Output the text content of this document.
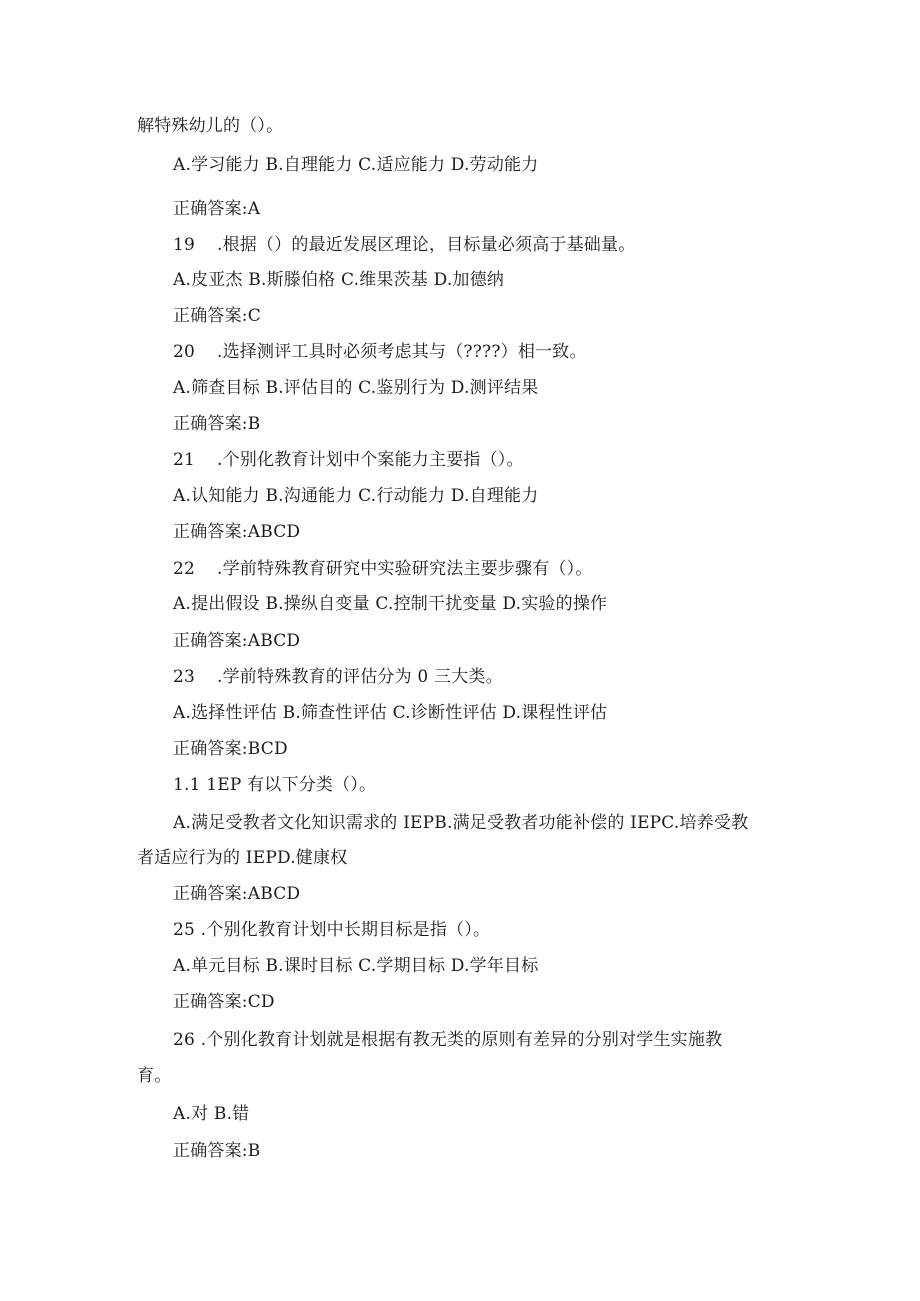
解特殊幼儿的（）。
A.学习能力 B.自理能力 C.适应能力 D.劳动能力
正确答案:A
19 .根据（）的最近发展区理论，目标量必须高于基础量。
A.皮亚杰 B.斯滕伯格 C.维果茨基 D.加德纳
正确答案:C
20 .选择测评工具时必须考虑其与（????）相一致。
A.筛查目标 B.评估目的 C.鉴别行为 D.测评结果
正确答案:B
21 .个别化教育计划中个案能力主要指（）。
A.认知能力 B.沟通能力 C.行动能力 D.自理能力
正确答案:ABCD
22 .学前特殊教育研究中实验研究法主要步骤有（）。
A.提出假设 B.操纵自变量 C.控制干扰变量 D.实验的操作
正确答案:ABCD
23 .学前特殊教育的评估分为 0 三大类。
A.选择性评估 B.筛查性评估 C.诊断性评估 D.课程性评估
正确答案:BCD
1.1 1EP 有以下分类（）。
A.满足受教者文化知识需求的 IEPB.满足受教者功能补偿的 IEPC.培养受教
者适应行为的 IEPD.健康权
正确答案:ABCD
25 .个别化教育计划中长期目标是指（）。
A.单元目标 B.课时目标 C.学期目标 D.学年目标
正确答案:CD
26 .个别化教育计划就是根据有教无类的原则有差异的分别对学生实施教
育。
A.对 B.错
正确答案:B
